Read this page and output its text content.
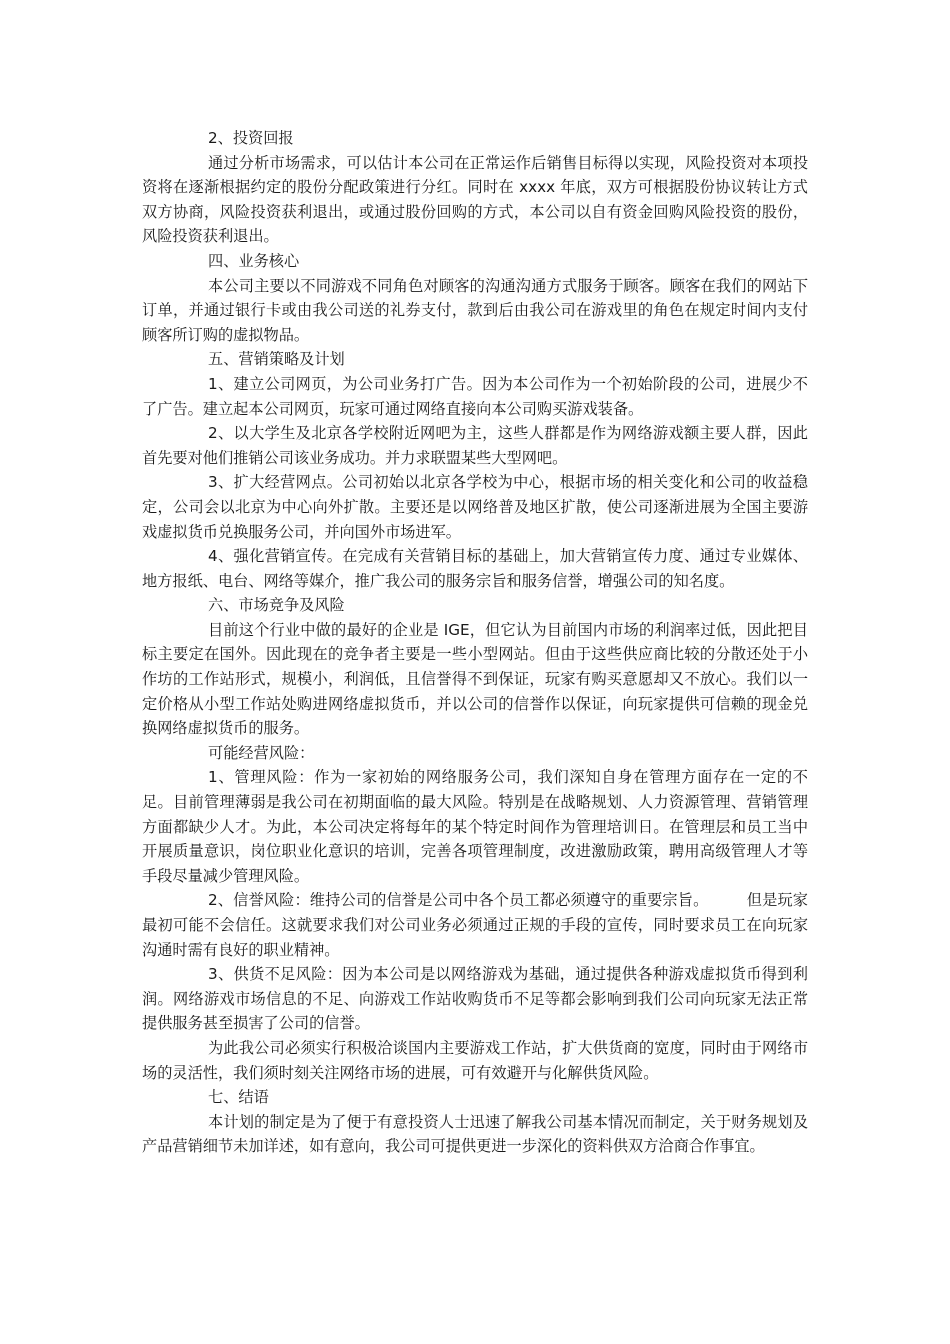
2、投资回报

通过分析市场需求，可以估计本公司在正常运作后销售目标得以实现，风险投资对本项投资将在逐渐根据约定的股份分配政策进行分红。同时在 xxxx 年底，双方可根据股份协议转让方式双方协商，风险投资获利退出，或通过股份回购的方式，本公司以自有资金回购风险投资的股份，风险投资获利退出。

四、业务核心

本公司主要以不同游戏不同角色对顾客的沟通沟通方式服务于顾客。顾客在我们的网站下订单，并通过银行卡或由我公司送的礼券支付，款到后由我公司在游戏里的角色在规定时间内支付顾客所订购的虚拟物品。

五、营销策略及计划

1、建立公司网页，为公司业务打广告。因为本公司作为一个初始阶段的公司，进展少不了广告。建立起本公司网页，玩家可通过网络直接向本公司购买游戏装备。

2、以大学生及北京各学校附近网吧为主，这些人群都是作为网络游戏额主要人群，因此首先要对他们推销公司该业务成功。并力求联盟某些大型网吧。

3、扩大经营网点。公司初始以北京各学校为中心，根据市场的相关变化和公司的收益稳定，公司会以北京为中心向外扩散。主要还是以网络普及地区扩散，使公司逐渐进展为全国主要游戏虚拟货币兑换服务公司，并向国外市场进军。

4、强化营销宣传。在完成有关营销目标的基础上，加大营销宣传力度、通过专业媒体、地方报纸、电台、网络等媒介，推广我公司的服务宗旨和服务信誉，增强公司的知名度。

六、市场竞争及风险

目前这个行业中做的最好的企业是 IGE，但它认为目前国内市场的利润率过低，因此把目标主要定在国外。因此现在的竞争者主要是一些小型网站。但由于这些供应商比较的分散还处于小作坊的工作站形式，规模小，利润低，且信誉得不到保证，玩家有购买意愿却又不放心。我们以一定价格从小型工作站处购进网络虚拟货币，并以公司的信誉作以保证，向玩家提供可信赖的现金兑换网络虚拟货币的服务。

可能经营风险：

1、管理风险：作为一家初始的网络服务公司，我们深知自身在管理方面存在一定的不足。目前管理薄弱是我公司在初期面临的最大风险。特别是在战略规划、人力资源管理、营销管理方面都缺少人才。为此，本公司决定将每年的某个特定时间作为管理培训日。在管理层和员工当中开展质量意识，岗位职业化意识的培训，完善各项管理制度，改进激励政策，聘用高级管理人才等手段尽量减少管理风险。

2、信誉风险：维持公司的信誉是公司中各个员工都必须遵守的重要宗旨。　　　但是玩家最初可能不会信任。这就要求我们对公司业务必须通过正规的手段的宣传，同时要求员工在向玩家沟通时需有良好的职业精神。

3、供货不足风险：因为本公司是以网络游戏为基础，通过提供各种游戏虚拟货币得到利润。网络游戏市场信息的不足、向游戏工作站收购货币不足等都会影响到我们公司向玩家无法正常提供服务甚至损害了公司的信誉。

为此我公司必须实行积极洽谈国内主要游戏工作站，扩大供货商的宽度，同时由于网络市场的灵活性，我们须时刻关注网络市场的进展，可有效避开与化解供货风险。

七、结语

本计划的制定是为了便于有意投资人士迅速了解我公司基本情况而制定，关于财务规划及产品营销细节未加详述，如有意向，我公司可提供更进一步深化的资料供双方洽商合作事宜。
